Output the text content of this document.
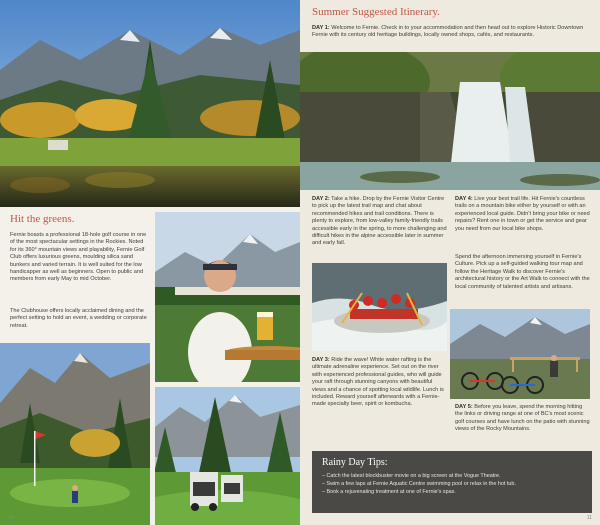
Hit the greens.

Fernie boasts a professional 18-hole golf course in one of the most spectacular settings in the Rockies. Noted for its 360° mountain views and playability, Fernie Golf Club offers luxurious greens, moulding silica sand bunkers and varied terrain. It is well suited for the low handicapper as well as beginners. Open to public and members from early May to mid October.

The Clubhouse offers locally acclaimed dining and the perfect setting to hold an event, a wedding or corporate retreat.

10
Summer Suggested Itinerary.

DAY 1: Welcome to Fernie. Check in to your accommodation and then head out to explore Historic Downtown Fernie with its century old heritage buildings, locally owned shops, cafés, and restaurants.

DAY 2: Take a hike. Drop by the Fernie Visitor Centre to pick up the latest trail map and chat about recommended hikes and trail conditions. There is plenty to explore, from low-valley family-friendly trails accessible early in the spring, to more challenging and difficult hikes in the alpine accessible later in summer and early fall.

DAY 4: Live your best trail life. Hit Fernie's countless trails on a mountain bike either by yourself or with an experienced local guide. Didn't bring your bike or need repairs? Rent one in town or get the service and gear you need from our local bike shops.

Spend the afternoon immersing yourself in Fernie's Culture. Pick up a self-guided walking tour map and follow the Heritage Walk to discover Fernie's architectural history or the Art Walk to connect with the local community of talented artists and artisans.

DAY 3: Ride the wave! White water rafting is the ultimate adrenaline experience. Set out on the river with experienced professional guides, who will guide your raft through stunning canyons with beautiful views and a chance of spotting local wildlife. Lunch is included. Reward yourself afterwards with a Fernie-made specialty beer, spirit or kombucha.	DAY 5: Before you leave, spend the morning hitting the links or driving range at one of BC's most scenic golf courses and have lunch on the patio with stunning views of the Rocky Mountains.

Rainy Day Tips:
– Catch the latest blockbuster movie on a big screen at the Vogue Theatre.
– Swim a few laps at Fernie Aquatic Centre swimming pool or relax in the hot tub.
– Book a rejuvenating treatment at one of Fernie's spas.
11
